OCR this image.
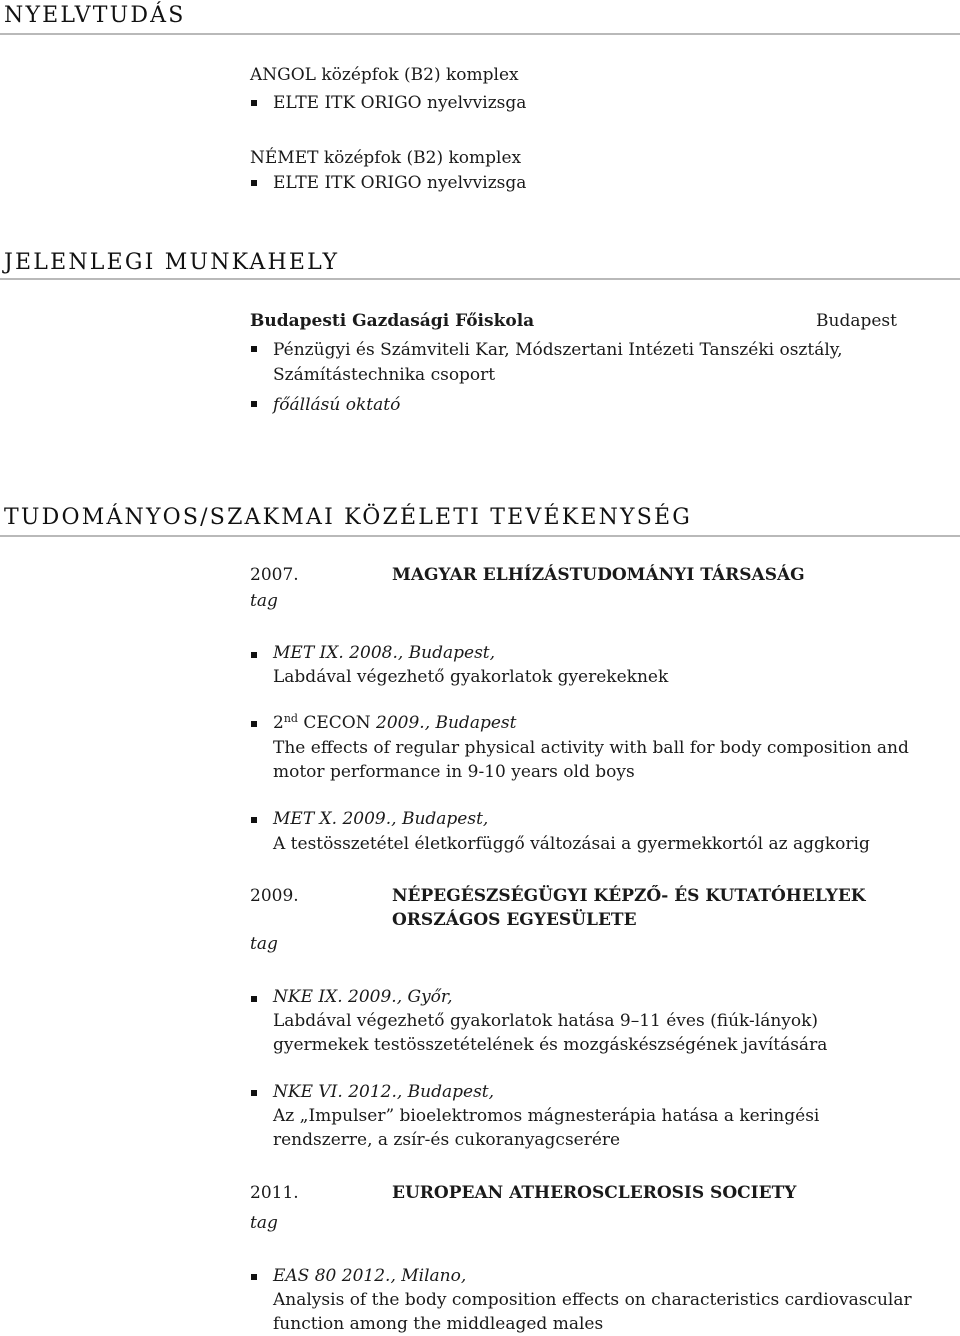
NYELVTUDÁS
ANGOL középfok (B2) komplex
ELTE ITK ORIGO nyelvvizsga
NÉMET középfok (B2) komplex
ELTE ITK ORIGO nyelvvizsga
JELENLEGI MUNKAHELY
Budapesti Gazdasági Főiskola	Budapest
Pénzügyi és Számviteli Kar, Módszertani Intézeti Tanszéki osztály,
Számítástechnika csoport
főállású oktató
TUDOMÁNYOS/SZAKMAI KÖZÉLETI TEVÉKENYSÉG
2007.	MAGYAR ELHÍZÁSTUDOMÁNYI TÁRSASÁG
tag
MET IX. 2008., Budapest,
Labdával végezhető gyakorlatok gyerekeknek
2nd CECON 2009., Budapest
The effects of regular physical activity with ball for body composition and
motor performance in 9-10 years old boys
MET X. 2009., Budapest,
A testösszetétel életkorfüggő változásai a gyermekkortól az aggkorig
2009.	NÉPEGÉSZSÉGÜGYI KÉPZŐ- ÉS KUTATÓHELYEK
ORSZÁGOS EGYESÜLETE
tag
NKE IX. 2009., Győr,
Labdával végezhető gyakorlatok hatása 9–11 éves (fiúk-lányok)
gyermekek testösszetételének és mozgáskészségének javítására
NKE VI. 2012., Budapest,
Az „Impulser” bioelektromos mágnesterápia hatása a keringési
rendszerre, a zsír-és cukoranyagcserére
2011.	EUROPEAN ATHEROSCLEROSIS SOCIETY
tag
EAS 80 2012., Milano,
Analysis of the body composition effects on characteristics cardiovascular
function among the middleaged males
